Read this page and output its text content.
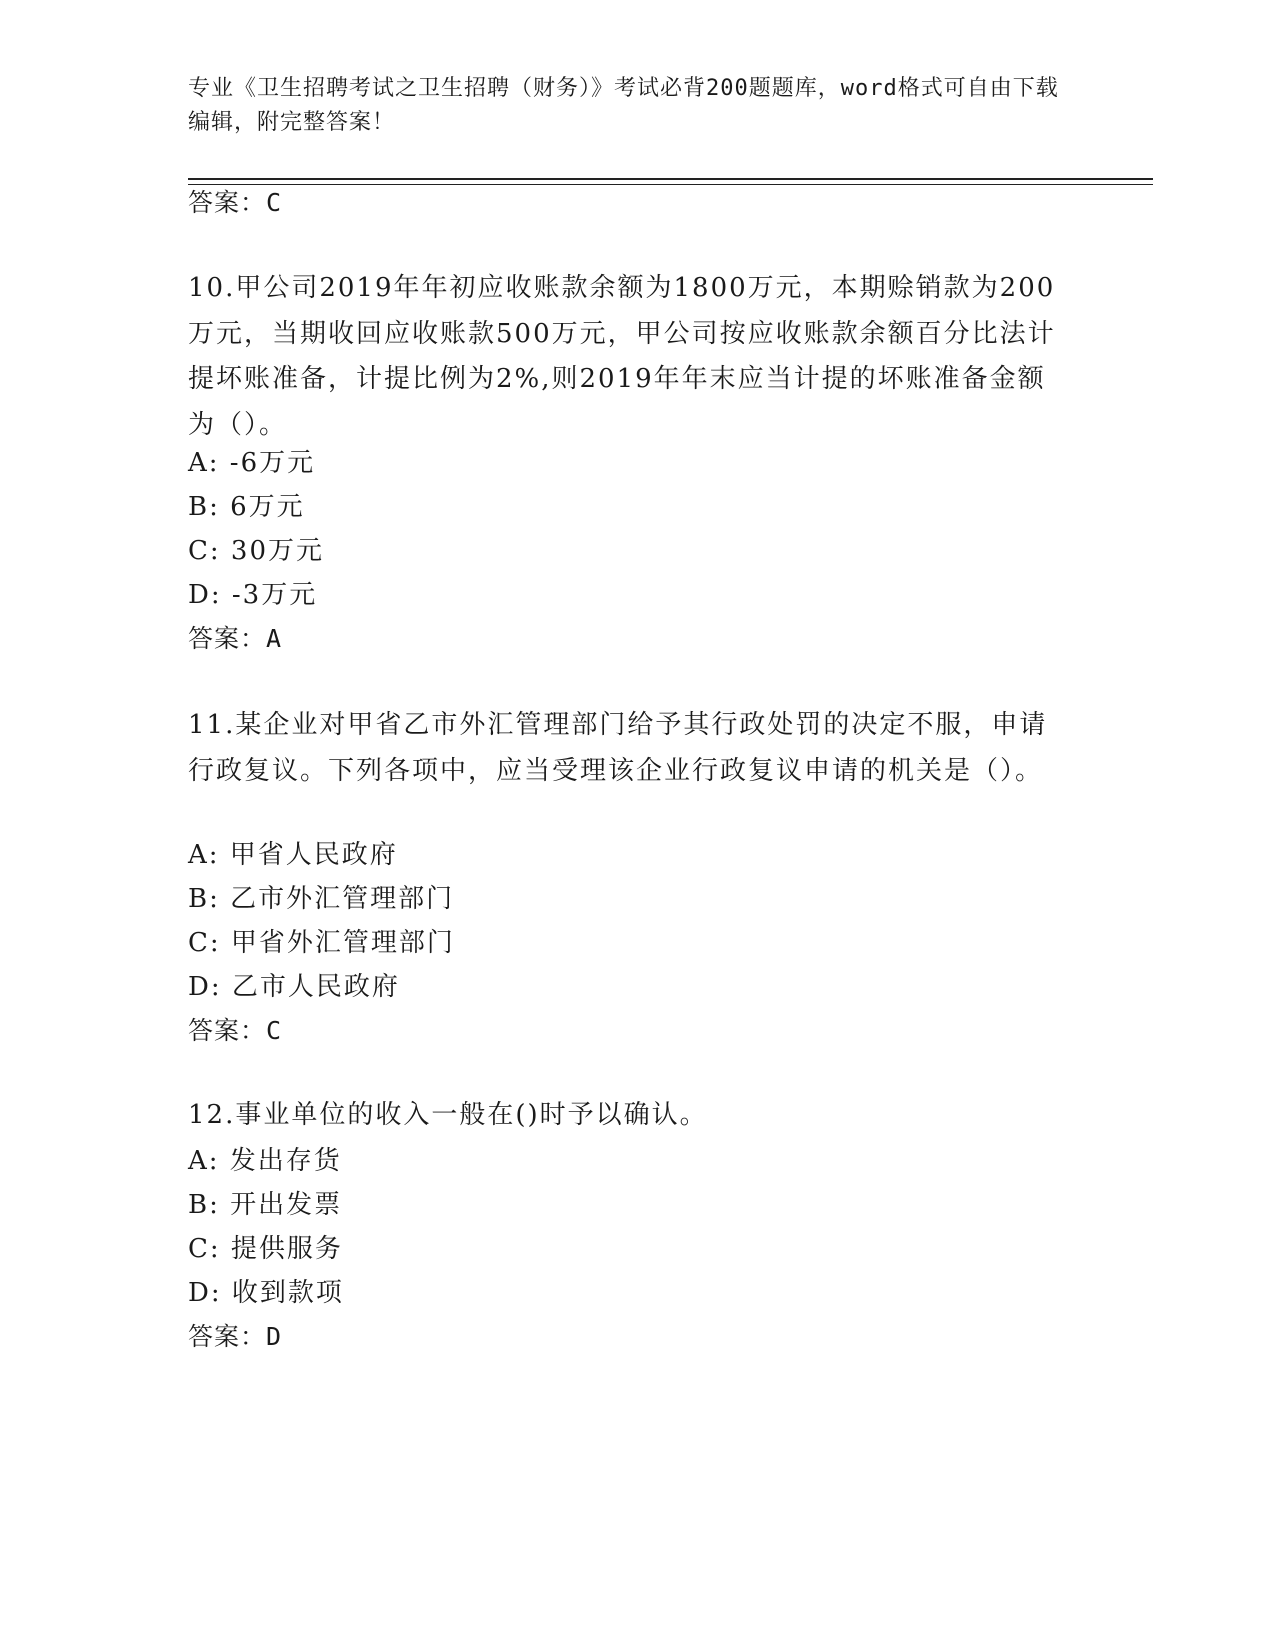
专业《卫生招聘考试之卫生招聘（财务）》考试必背200题题库，word格式可自由下载编辑，附完整答案！
答案：C
10.甲公司2019年年初应收账款余额为1800万元，本期赊销款为200万元，当期收回应收账款500万元，甲公司按应收账款余额百分比法计提坏账准备，计提比例为2%,则2019年年末应当计提的坏账准备金额为（）。
A: -6万元
B: 6万元
C: 30万元
D: -3万元
答案：A
11.某企业对甲省乙市外汇管理部门给予其行政处罚的决定不服，申请行政复议。下列各项中，应当受理该企业行政复议申请的机关是（）。
A: 甲省人民政府
B: 乙市外汇管理部门
C: 甲省外汇管理部门
D: 乙市人民政府
答案：C
12.事业单位的收入一般在()时予以确认。
A: 发出存货
B: 开出发票
C: 提供服务
D: 收到款项
答案：D
